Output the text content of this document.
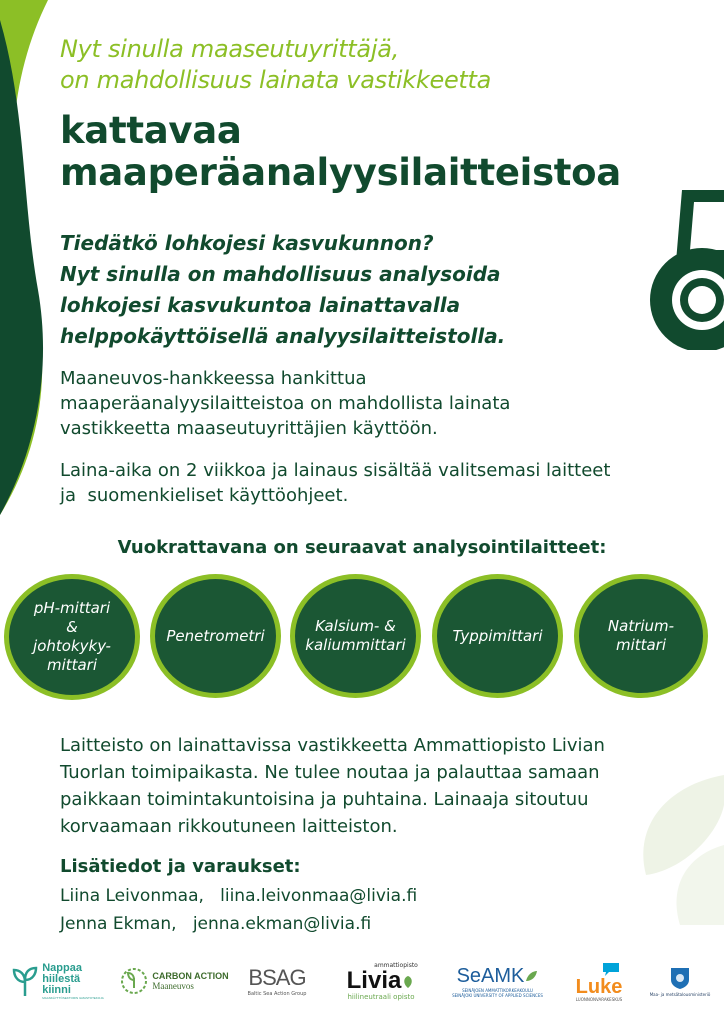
Nyt sinulla maaseutuyrittäjä,
on mahdollisuus lainata vastikkeetta

kattavaa
maaperäanalyysilaitteistoa

Tiedätkö lohkojesi kasvukunnon?
Nyt sinulla on mahdollisuus analysoida
lohkojesi kasvukuntoa lainattavalla
helppokäyttöisellä analyysilaitteistolla.

Maaneuvos-hankkeessa hankittua
maaperäanalyysilaitteistoa on mahdollista lainata
vastikkeetta maaseutuyrittäjien käyttöön.

Laina-aika on 2 viikkoa ja lainaus sisältää valitsemasi laitteet
ja  suomenkieliset käyttöohjeet.

Vuokrattavana on seuraavat analysointilaitteet:
pH-mittari
&
johtokyky-
mittari
Penetrometri
Kalsium- &
kaliummittari
Typpimittari
Natrium-
mittari

Laitteisto on lainattavissa vastikkeetta Ammattiopisto Livian
Tuorlan toimipaikasta. Ne tulee noutaa ja palauttaa samaan
paikkaan toimintakuntoisina ja puhtaina. Lainaaja sitoutuu
korvaamaan rikkoutuneen laitteiston.

Lisätiedot ja varaukset:

Liina Leivonmaa, liina.leivonmaa@livia.fi

Jenna Ekman, jenna.ekman@livia.fi

Nappaa
hiilestä
kiinni
MAANKÄYTTÖSEKTORIN ILMASTOTEKOJA
CARBON ACTION
Maaneuvos	BSAG
Baltic Sea Action Group
ammattiopisto
Livia
hiilineutraali opisto
SeAMK
SEINÄJOEN AMMATTIKORKEAKOULU
SEINÄJOKI UNIVERSITY OF APPLIED SCIENCES Luke
LUONNONVARAKESKUS
Maa- ja metsätalousministeriö
